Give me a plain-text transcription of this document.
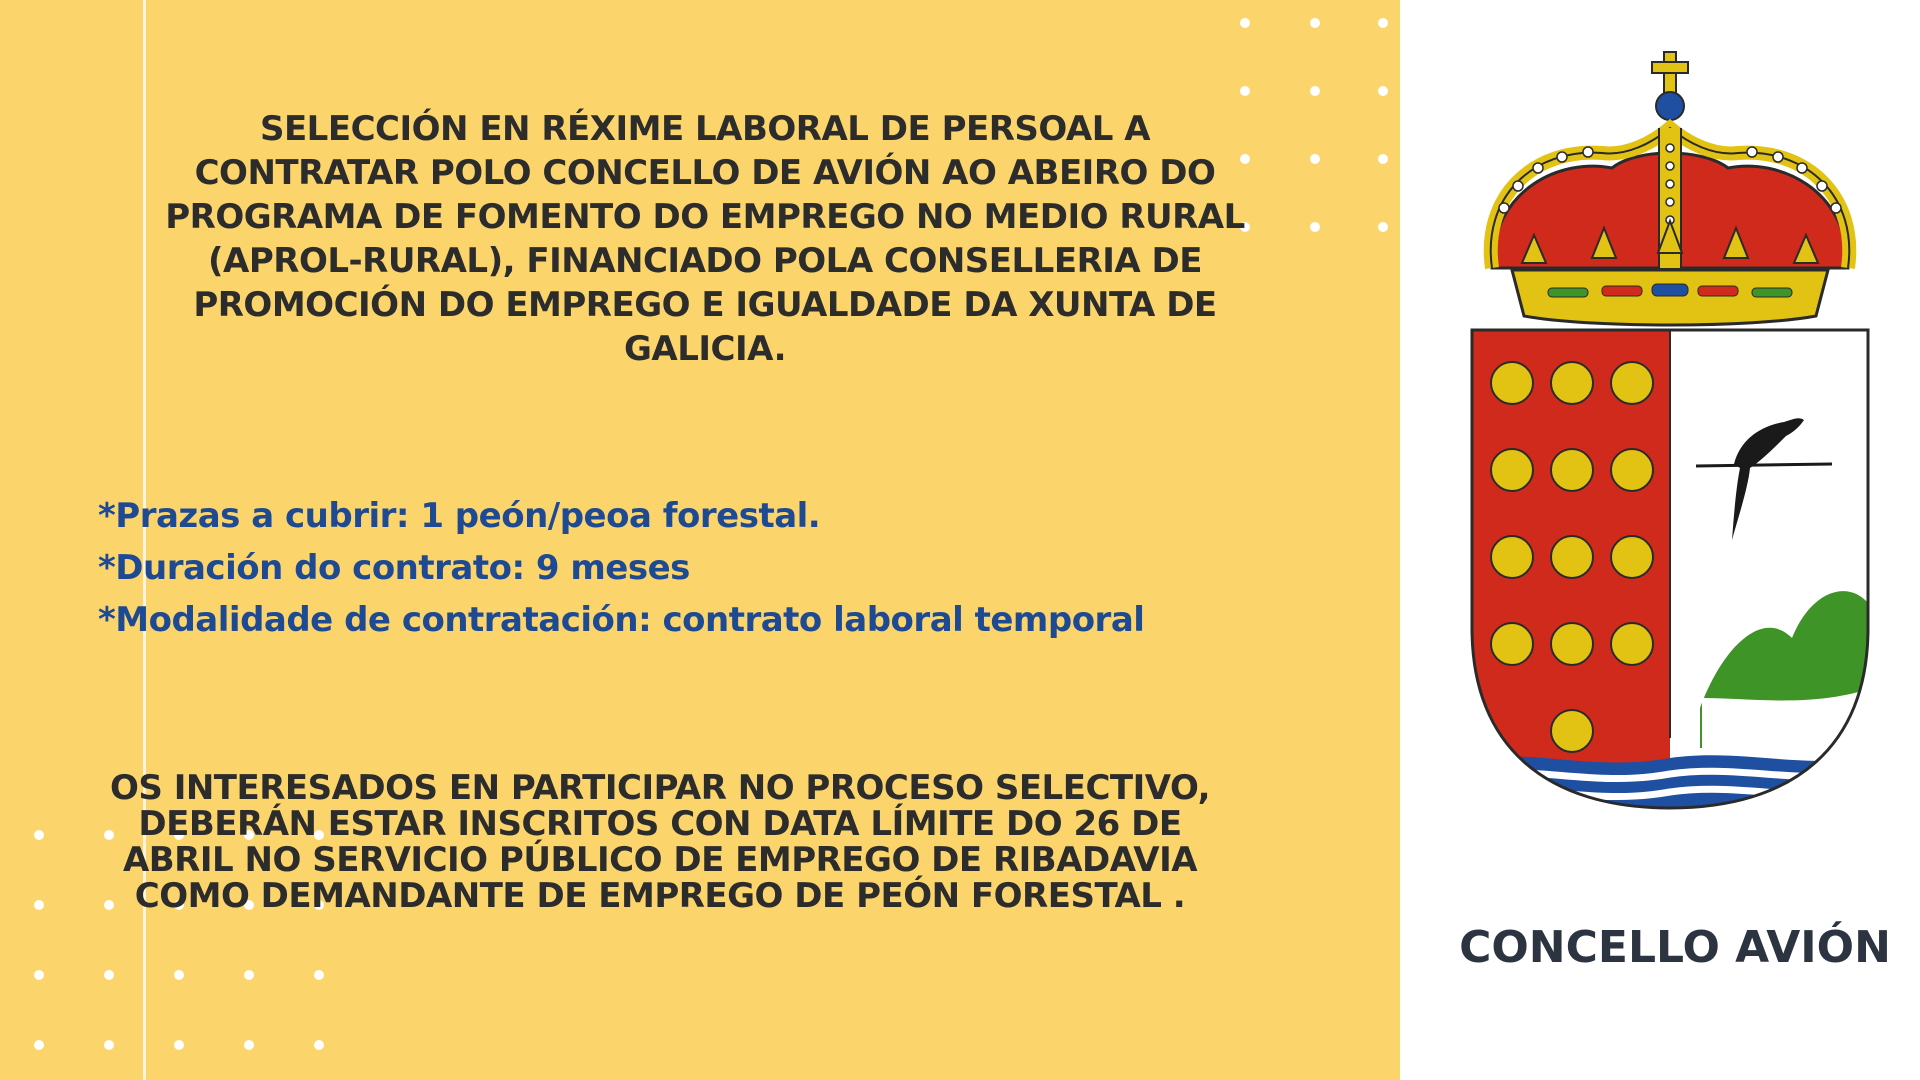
SELECCIÓN EN RÉXIME LABORAL DE PERSOAL A
CONTRATAR POLO CONCELLO DE AVIÓN AO ABEIRO DO
PROGRAMA DE FOMENTO DO EMPREGO NO MEDIO RURAL
(APROL-RURAL), FINANCIADO POLA CONSELLERIA DE
PROMOCIÓN DO EMPREGO E IGUALDADE DA XUNTA DE
GALICIA.
*Prazas a cubrir: 1 peón/peoa forestal.
*Duración do contrato: 9 meses
*Modalidade de contratación: contrato laboral temporal
OS INTERESADOS EN PARTICIPAR NO PROCESO SELECTIVO,
DEBERÁN ESTAR INSCRITOS CON DATA LÍMITE DO 26 DE
ABRIL NO SERVICIO PÚBLICO DE EMPREGO DE RIBADAVIA
COMO DEMANDANTE DE EMPREGO DE PEÓN FORESTAL .
CONCELLO AVIÓN
